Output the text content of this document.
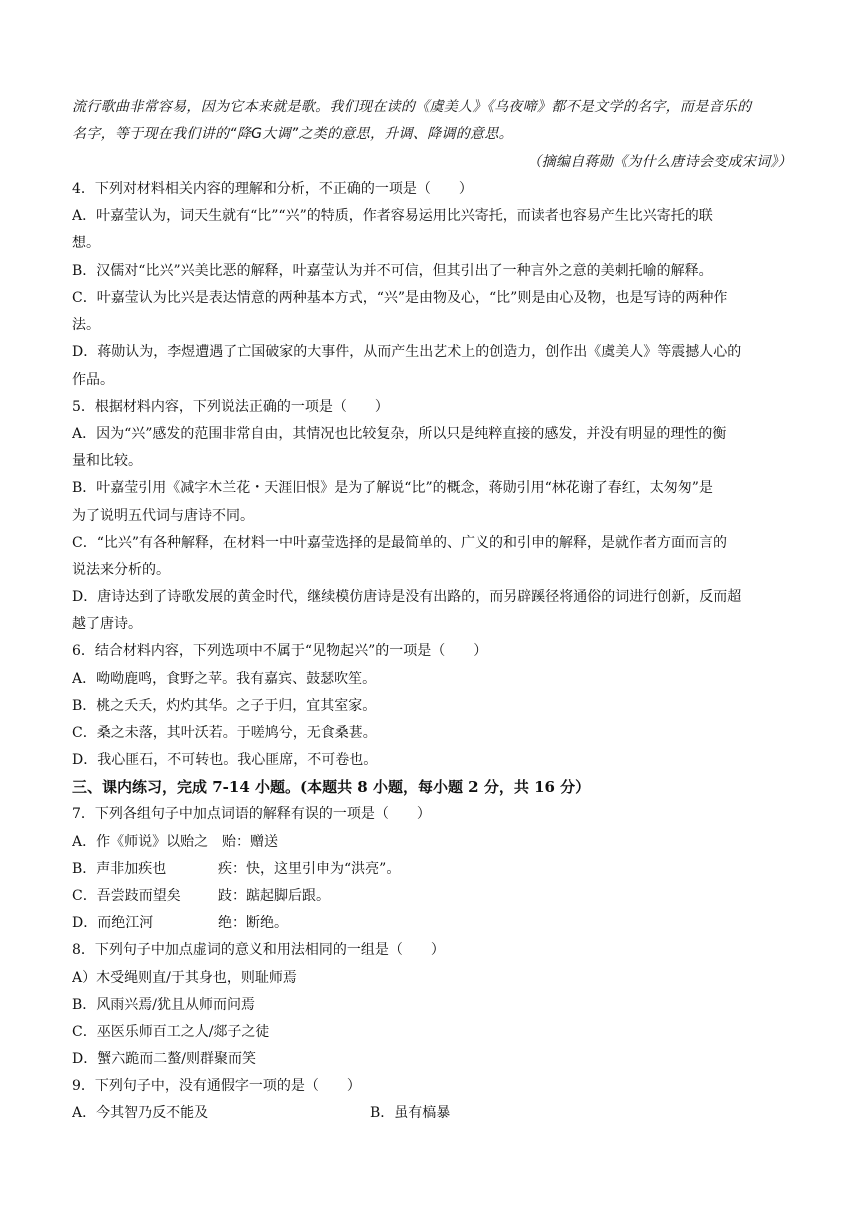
流行歌曲非常容易，因为它本来就是歌。我们现在读的《虞美人》《乌夜啼》都不是文学的名字，而是音乐的
名字，等于现在我们讲的“降G大调”之类的意思，升调、降调的意思。
（摘编自蒋勋《为什么唐诗会变成宋词》）
4．下列对材料相关内容的理解和分析，不正确的一项是（　　）
A．叶嘉莹认为，词天生就有“比”“兴”的特质，作者容易运用比兴寄托，而读者也容易产生比兴寄托的联
想。
B．汉儒对“比兴”兴美比恶的解释，叶嘉莹认为并不可信，但其引出了一种言外之意的美刺托喻的解释。
C．叶嘉莹认为比兴是表达情意的两种基本方式，“兴”是由物及心，“比”则是由心及物，也是写诗的两种作
法。
D．蒋勋认为，李煜遭遇了亡国破家的大事件，从而产生出艺术上的创造力，创作出《虞美人》等震撼人心的
作品。
5．根据材料内容，下列说法正确的一项是（　　）
A．因为“兴”感发的范围非常自由，其情况也比较复杂，所以只是纯粹直接的感发，并没有明显的理性的衡
量和比较。
B．叶嘉莹引用《减字木兰花・天涯旧恨》是为了解说“比”的概念，蒋勋引用“林花谢了春红，太匆匆”是
为了说明五代词与唐诗不同。
C．“比兴”有各种解释，在材料一中叶嘉莹选择的是最简单的、广义的和引申的解释，是就作者方面而言的
说法来分析的。
D．唐诗达到了诗歌发展的黄金时代，继续模仿唐诗是没有出路的，而另辟蹊径将通俗的词进行创新，反而超
越了唐诗。
6．结合材料内容，下列选项中不属于“见物起兴”的一项是（　　）
A．呦呦鹿鸣，食野之苹。我有嘉宾、鼓瑟吹笙。
B．桃之夭夭，灼灼其华。之子于归，宜其室家。
C．桑之未落，其叶沃若。于嗟鸠兮，无食桑葚。
D．我心匪石，不可转也。我心匪席，不可卷也。
三、课内练习，完成 7-14 小题。(本题共 8 小题，每小题 2 分，共 16 分）
7．下列各组句子中加点词语的解释有误的一项是（　　）
A．作《师说》以贻之 贻：赠送
B．声非加疾也	疾：快，这里引申为“洪亮”。
C．吾尝跂而望矣	跂：踮起脚后跟。
D．而绝江河	绝：断绝。
8．下列句子中加点虚词的意义和用法相同的一组是（　　）
A）木受绳则直/于其身也，则耻师焉
B．风雨兴焉/犹且从师而问焉
C．巫医乐师百工之人/郯子之徒
D．蟹六跪而二螯/则群聚而笑
9．下列句子中，没有通假字一项的是（　　）
A．今其智乃反不能及	B．虽有槁暴
